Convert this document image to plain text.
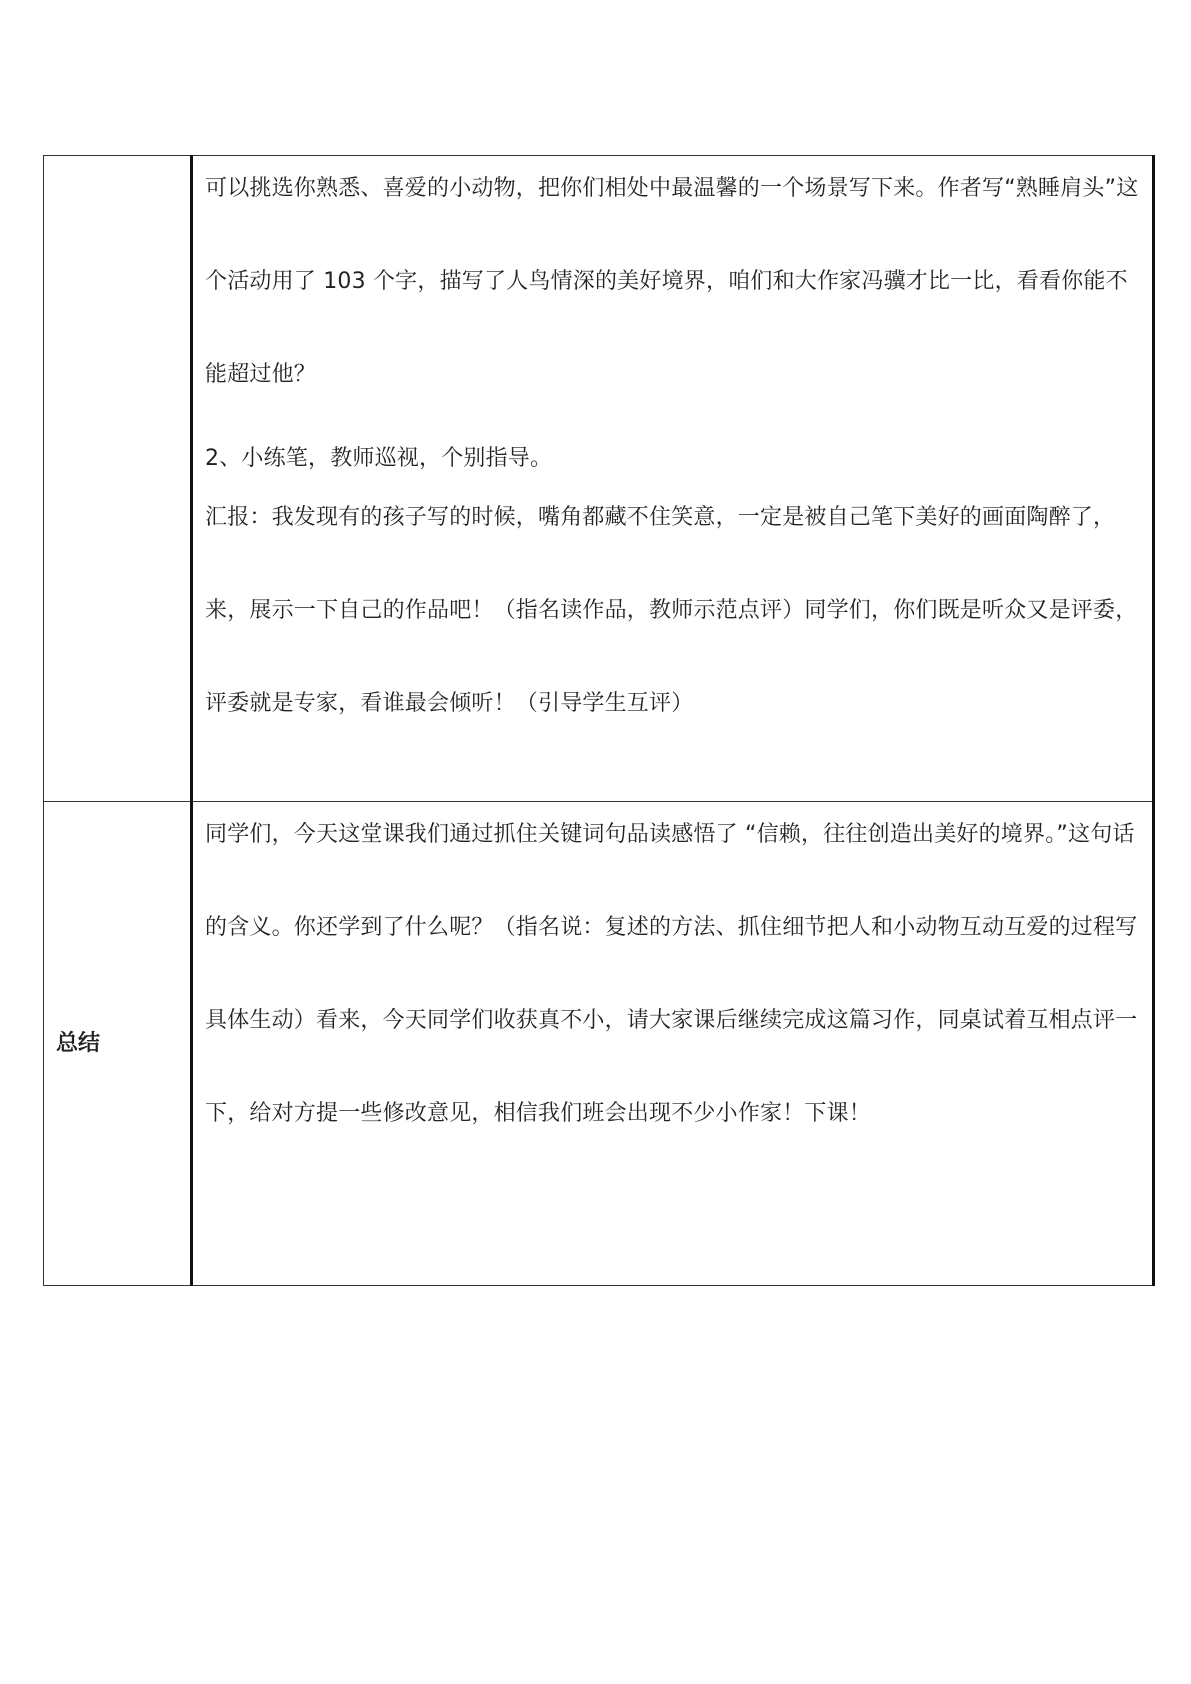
	可以挑选你熟悉、喜爱的小动物，把你们相处中最温馨的一个场景写下来。作者写“熟睡肩头”这个活动用了 103 个字，描写了人鸟情深的美好境界，咱们和大作家冯骥才比一比，看看你能不能超过他？

2、小练笔，教师巡视，个别指导。

汇报：我发现有的孩子写的时候，嘴角都藏不住笑意，一定是被自己笔下美好的画面陶醉了，来，展示一下自己的作品吧！（指名读作品，教师示范点评）同学们，你们既是听众又是评委，评委就是专家，看谁最会倾听！（引导学生互评）

总结	同学们，今天这堂课我们通过抓住关键词句品读感悟了 “信赖，往往创造出美好的境界。”这句话的含义。你还学到了什么呢？（指名说：复述的方法、抓住细节把人和小动物互动互爱的过程写具体生动）看来，今天同学们收获真不小，请大家课后继续完成这篇习作，同桌试着互相点评一下，给对方提一些修改意见，相信我们班会出现不少小作家！下课！
